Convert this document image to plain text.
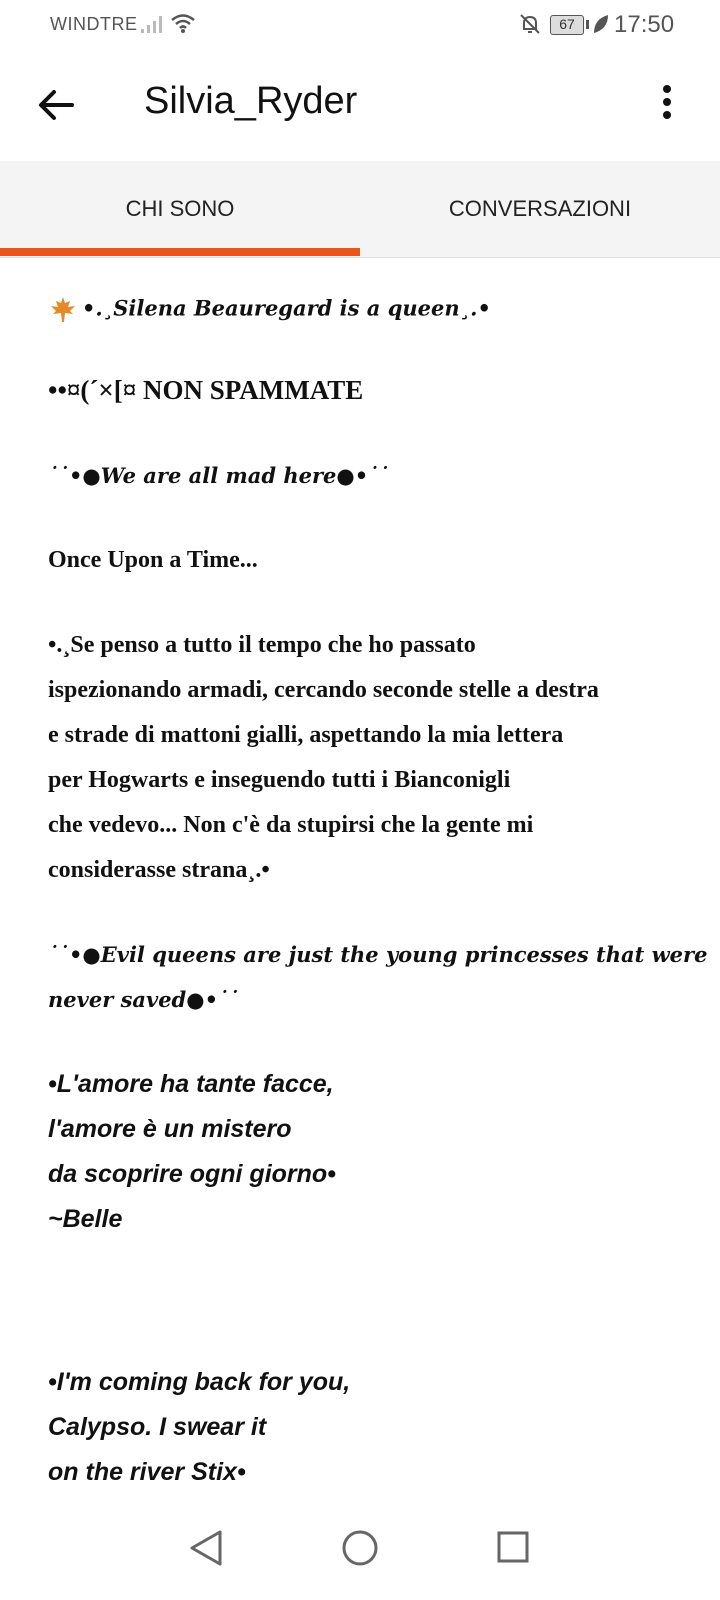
WINDTRE	67	17:50
Silvia_Ryder
CHI SONO	CONVERSAZIONI
•.¸Silena Beauregard is a queen¸.•
••¤(´×[¤ NON SPAMMATE
˙˙•●We are all mad here●•˙˙
Once Upon a Time...
•.¸Se penso a tutto il tempo che ho passato
ispezionando armadi, cercando seconde stelle a destra
e strade di mattoni gialli, aspettando la mia lettera
per Hogwarts e inseguendo tutti i Bianconigli
che vedevo... Non c'è da stupirsi che la gente mi
considerasse strana¸.•
˙˙•●Evil queens are just the young princesses that were
never saved●•˙˙
•L'amore ha tante facce,
l'amore è un mistero
da scoprire ogni giorno•
~Belle
•I'm coming back for you,
Calypso. I swear it
on the river Stix•
